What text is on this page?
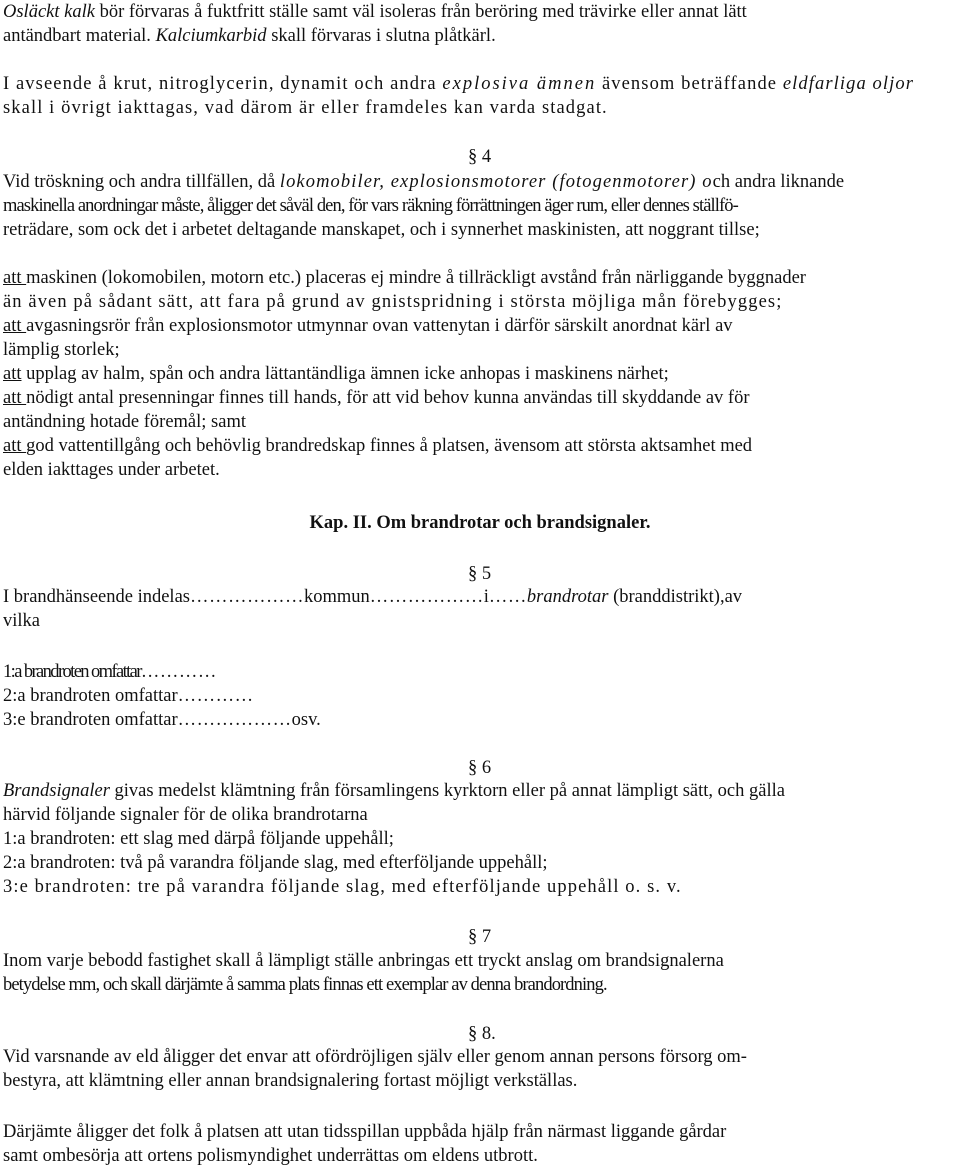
Osläckt kalk bör förvaras å fuktfritt ställe samt väl isoleras från beröring med trävirke eller annat lätt
antändbart material. Kalciumkarbid skall förvaras i slutna plåtkärl.
I avseende å krut, nitroglycerin, dynamit och andra explosiva ämnen ävensom beträffande eldfarliga oljor
skall i övrigt iakttagas, vad därom är eller framdeles kan varda stadgat.
§ 4
Vid tröskning och andra tillfällen, då lokomobiler, explosionsmotorer (fotogenmotorer) och andra liknande
maskinella anordningar måste, åligger det såväl den, för vars räkning förrättningen äger rum, eller dennes ställfö-
reträdare, som ock det i arbetet deltagande manskapet, och i synnerhet maskinisten, att noggrant tillse;
att maskinen (lokomobilen, motorn etc.) placeras ej mindre å tillräckligt avstånd från närliggande byggnader
än även på sådant sätt, att fara på grund av gnistspridning i största möjliga mån förebygges;
att avgasningsrör från explosionsmotor utmynnar ovan vattenytan i därför särskilt anordnat kärl av
lämplig storlek;
att upplag av halm, spån och andra lättantändliga ämnen icke anhopas i maskinens närhet;
att nödigt antal presenningar finnes till hands, för att vid behov kunna användas till skyddande av för
antändning hotade föremål; samt
att god vattentillgång och behövlig brandredskap finnes å platsen, ävensom att största aktsamhet med
elden iakttages under arbetet.
Kap. II. Om brandrotar och brandsignaler.
§ 5
I brandhänseende indelas………………kommun………………i……brandrotar (branddistrikt),av
vilka
1:a brandroten omfattar…………
2:a brandroten omfattar…………
3:e brandroten omfattar………………osv.
§ 6
Brandsignaler givas medelst klämtning från församlingens kyrktorn eller på annat lämpligt sätt, och gälla
härvid följande signaler för de olika brandrotarna
1:a brandroten: ett slag med därpå följande uppehåll;
2:a brandroten: två på varandra följande slag, med efterföljande uppehåll;
3:e brandroten: tre på varandra följande slag, med efterföljande uppehåll o. s. v.
§ 7
Inom varje bebodd fastighet skall å lämpligt ställe anbringas ett tryckt anslag om brandsignalerna
betydelse mm, och skall därjämte å samma plats finnas ett exemplar av denna brandordning.
§ 8.
Vid varsnande av eld åligger det envar att ofördröjligen själv eller genom annan persons försorg om-
bestyra, att klämtning eller annan brandsignalering fortast möjligt verkställas.
Därjämte åligger det folk å platsen att utan tidsspillan uppbåda hjälp från närmast liggande gårdar
samt ombesörja att ortens polismyndighet underrättas om eldens utbrott.
